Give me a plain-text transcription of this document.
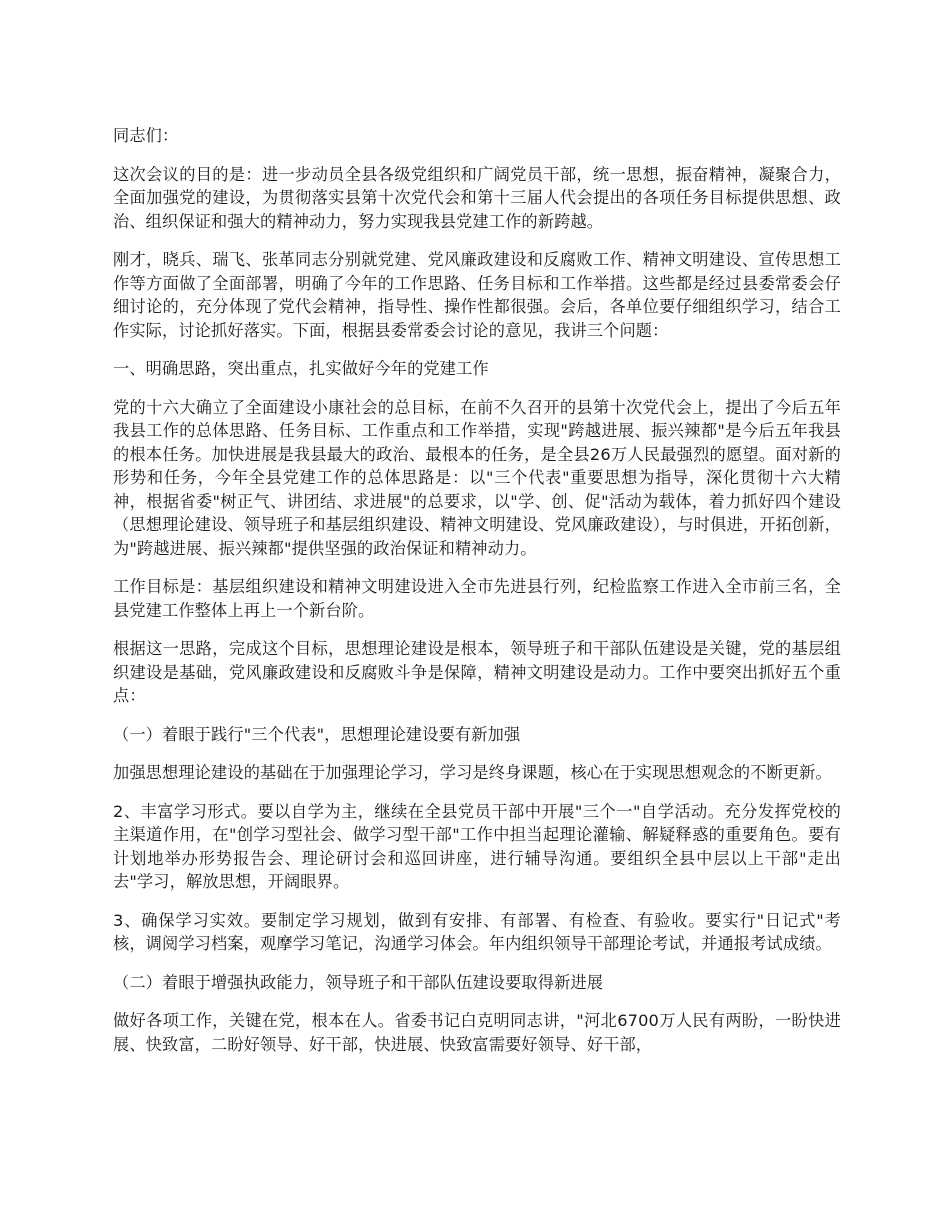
同志们：

这次会议的目的是：进一步动员全县各级党组织和广阔党员干部，统一思想，振奋精神，凝聚合力，全面加强党的建设，为贯彻落实县第十次党代会和第十三届人代会提出的各项任务目标提供思想、政治、组织保证和强大的精神动力，努力实现我县党建工作的新跨越。

刚才，晓兵、瑞飞、张革同志分别就党建、党风廉政建设和反腐败工作、精神文明建设、宣传思想工作等方面做了全面部署，明确了今年的工作思路、任务目标和工作举措。这些都是经过县委常委会仔细讨论的，充分体现了党代会精神，指导性、操作性都很强。会后，各单位要仔细组织学习，结合工作实际，讨论抓好落实。下面，根据县委常委会讨论的意见，我讲三个问题：

一、明确思路，突出重点，扎实做好今年的党建工作

党的十六大确立了全面建设小康社会的总目标，在前不久召开的县第十次党代会上，提出了今后五年我县工作的总体思路、任务目标、工作重点和工作举措，实现"跨越进展、振兴辣都"是今后五年我县的根本任务。加快进展是我县最大的政治、最根本的任务，是全县26万人民最强烈的愿望。面对新的形势和任务，今年全县党建工作的总体思路是：以"三个代表"重要思想为指导，深化贯彻十六大精神，根据省委"树正气、讲团结、求进展"的总要求，以"学、创、促"活动为载体，着力抓好四个建设（思想理论建设、领导班子和基层组织建设、精神文明建设、党风廉政建设），与时俱进，开拓创新，为"跨越进展、振兴辣都"提供坚强的政治保证和精神动力。

工作目标是：基层组织建设和精神文明建设进入全市先进县行列，纪检监察工作进入全市前三名，全县党建工作整体上再上一个新台阶。

根据这一思路，完成这个目标，思想理论建设是根本，领导班子和干部队伍建设是关键，党的基层组织建设是基础，党风廉政建设和反腐败斗争是保障，精神文明建设是动力。工作中要突出抓好五个重点：

（一）着眼于践行"三个代表"，思想理论建设要有新加强

加强思想理论建设的基础在于加强理论学习，学习是终身课题，核心在于实现思想观念的不断更新。

2、丰富学习形式。要以自学为主，继续在全县党员干部中开展"三个一"自学活动。充分发挥党校的主渠道作用，在"创学习型社会、做学习型干部"工作中担当起理论灌输、解疑释惑的重要角色。要有计划地举办形势报告会、理论研讨会和巡回讲座，进行辅导沟通。要组织全县中层以上干部"走出去"学习，解放思想，开阔眼界。

3、确保学习实效。要制定学习规划，做到有安排、有部署、有检查、有验收。要实行"日记式"考核，调阅学习档案，观摩学习笔记，沟通学习体会。年内组织领导干部理论考试，并通报考试成绩。

（二）着眼于增强执政能力，领导班子和干部队伍建设要取得新进展

做好各项工作，关键在党，根本在人。省委书记白克明同志讲，"河北6700万人民有两盼，一盼快进展、快致富，二盼好领导、好干部，快进展、快致富需要好领导、好干部，
